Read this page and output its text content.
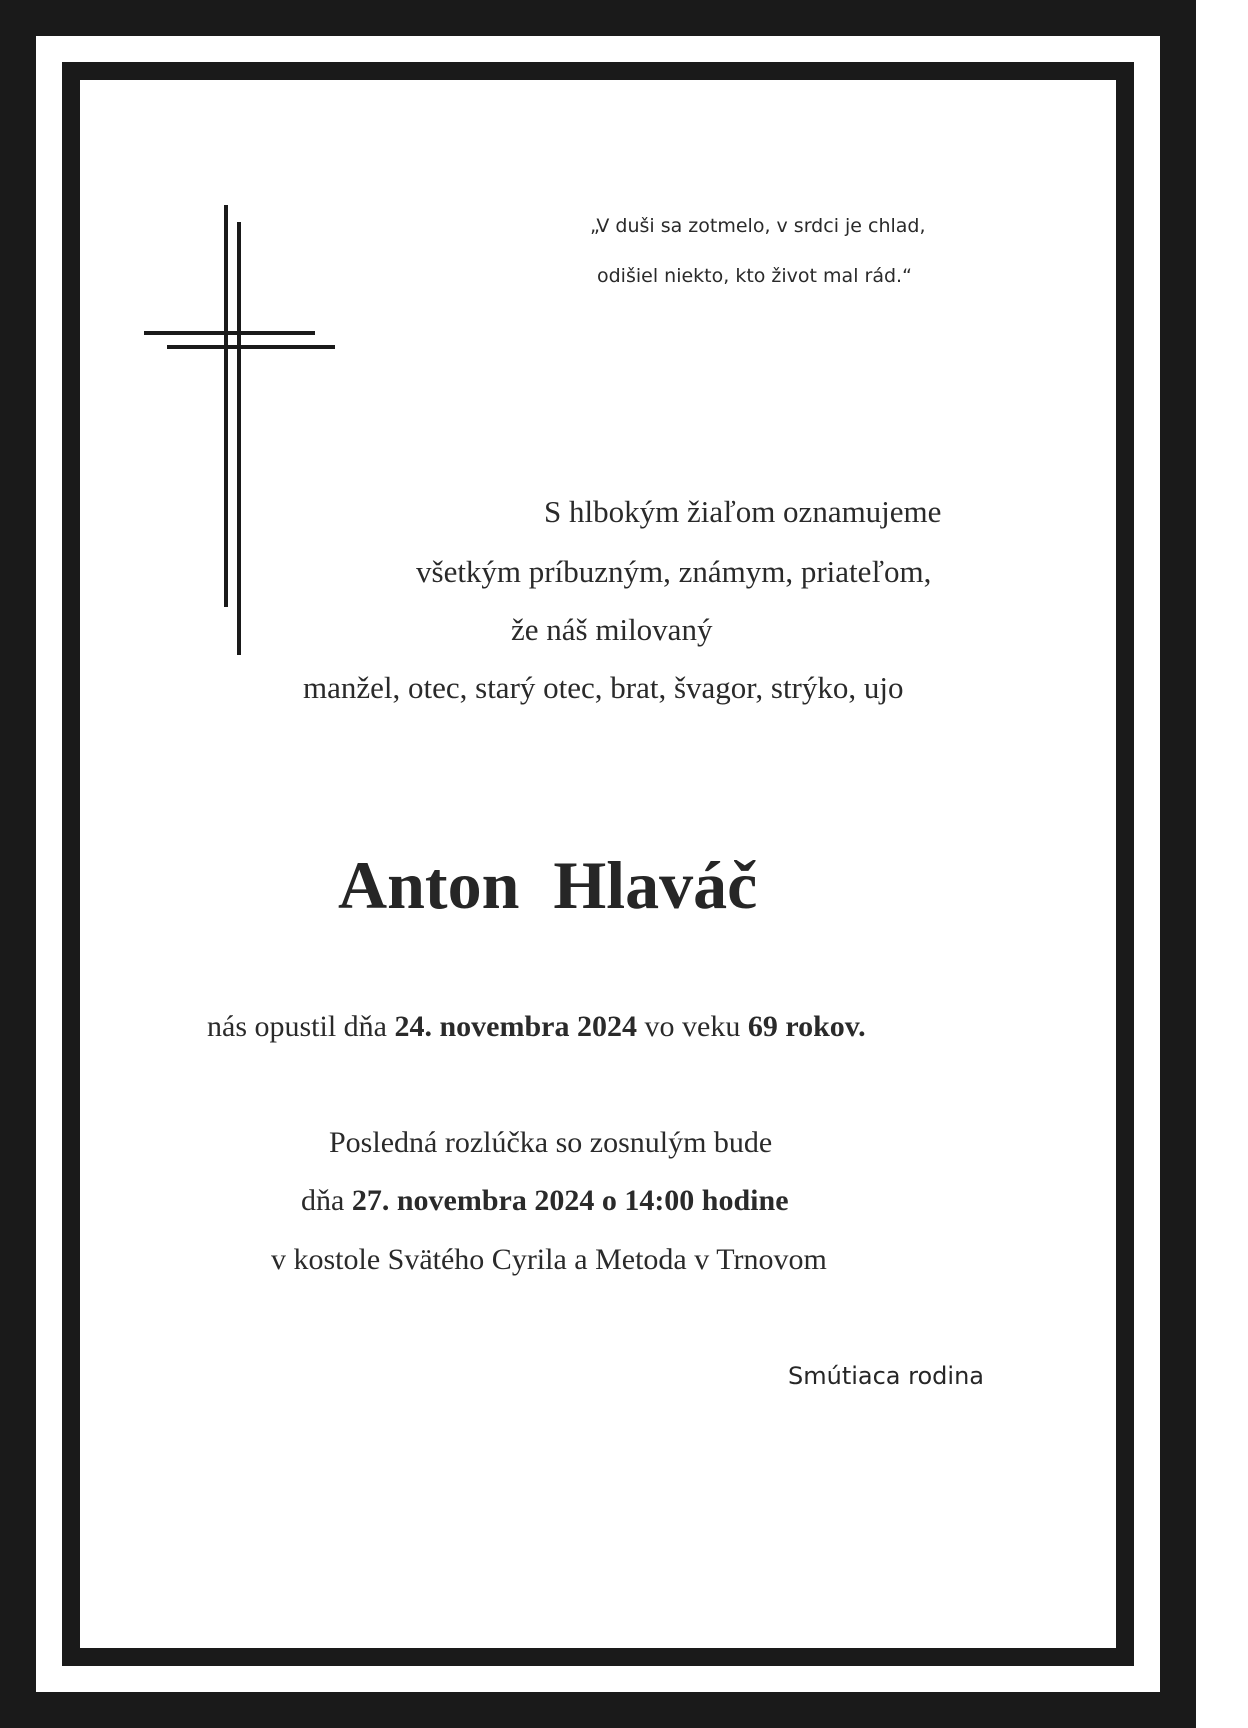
„V duši sa zotmelo, v srdci je chlad,
odišiel niekto, kto život mal rád.“
S hlbokým žiaľom oznamujeme
všetkým príbuzným, známym, priateľom,
že náš milovaný
manžel, otec, starý otec, brat, švagor, strýko, ujo
Anton Hlaváč
nás opustil dňa 24. novembra 2024 vo veku 69 rokov.
Posledná rozlúčka so zosnulým bude
dňa 27. novembra 2024 o 14:00 hodine
v kostole Svätého Cyrila a Metoda v Trnovom
Smútiaca rodina
